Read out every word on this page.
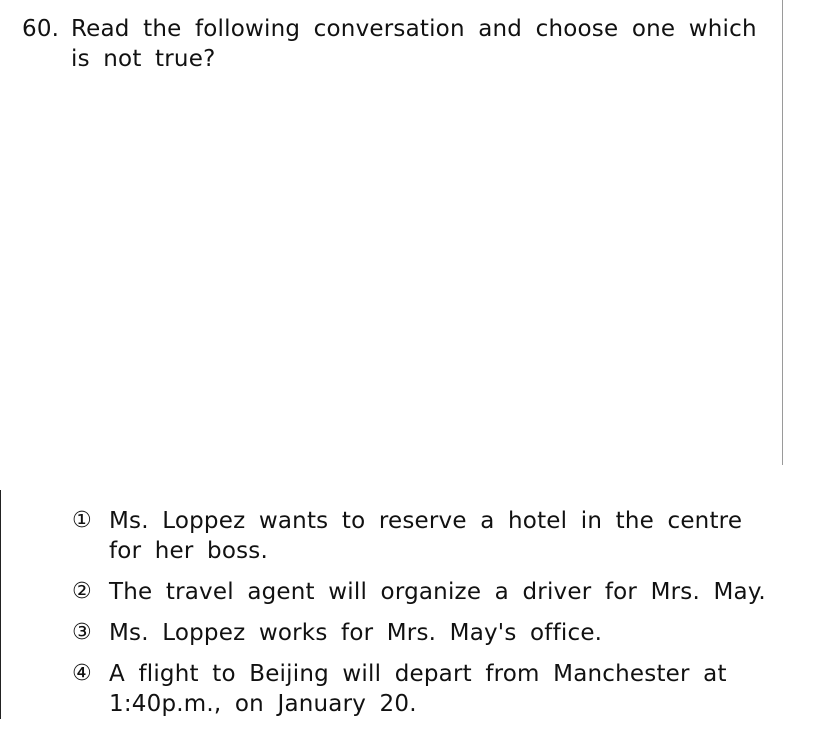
60. Read the following conversation and choose one which is not true?
① Ms. Loppez wants to reserve a hotel in the centre for her boss.
② The travel agent will organize a driver for Mrs. May.
③ Ms. Loppez works for Mrs. May's office.
④ A flight to Beijing will depart from Manchester at 1:40p.m., on January 20.
